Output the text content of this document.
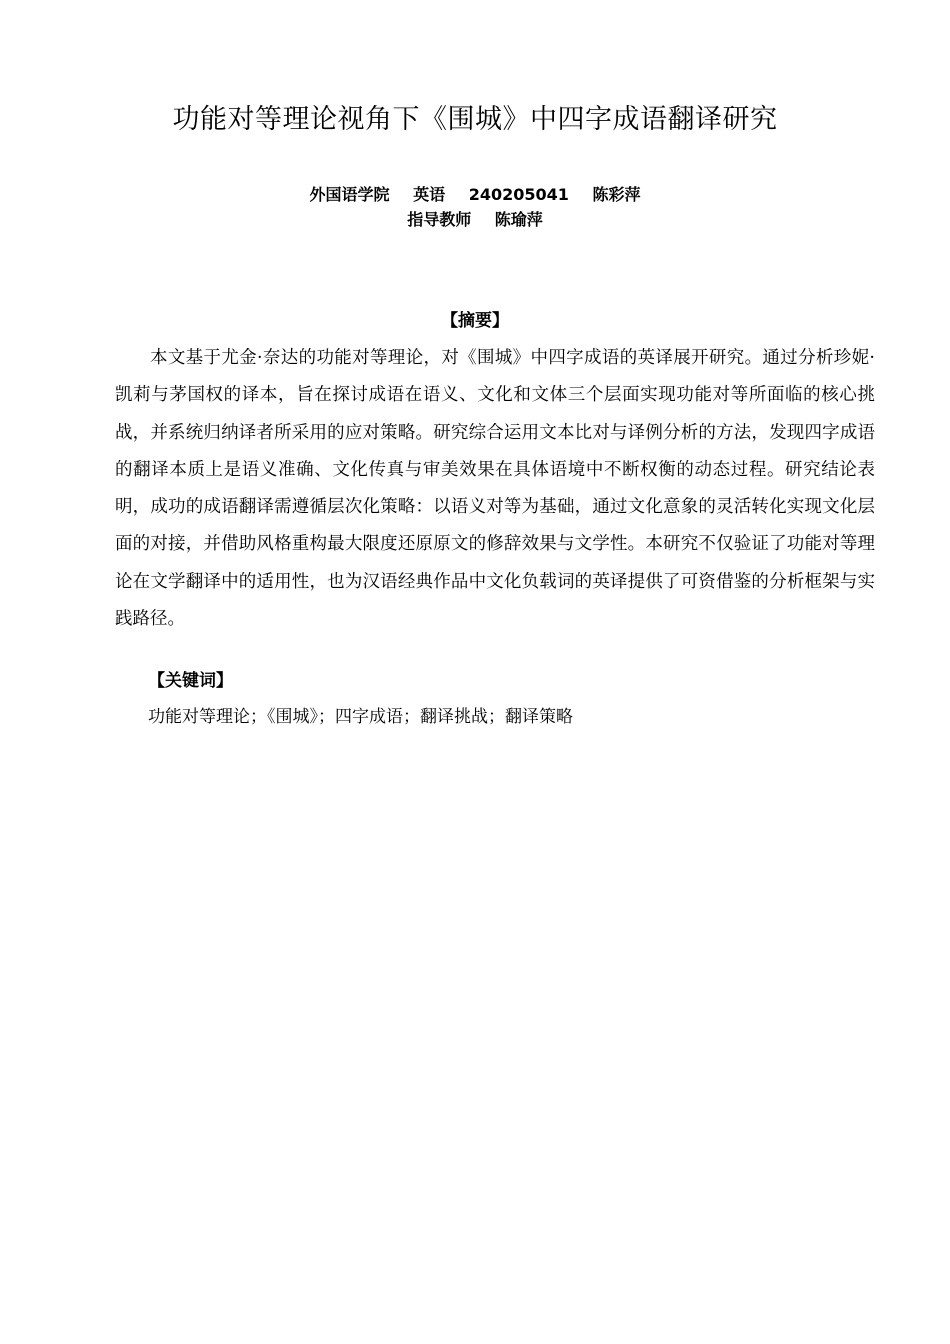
功能对等理论视角下《围城》中四字成语翻译研究
外国语学院 英语 240205041 陈彩萍
指导教师 陈瑜萍
【摘要】

本文基于尤金·奈达的功能对等理论，对《围城》中四字成语的英译展开研究。通过分析珍妮·凯莉与茅国权的译本，旨在探讨成语在语义、文化和文体三个层面实现功能对等所面临的核心挑战，并系统归纳译者所采用的应对策略。研究综合运用文本比对与译例分析的方法，发现四字成语的翻译本质上是语义准确、文化传真与审美效果在具体语境中不断权衡的动态过程。研究结论表明，成功的成语翻译需遵循层次化策略：以语义对等为基础，通过文化意象的灵活转化实现文化层面的对接，并借助风格重构最大限度还原原文的修辞效果与文学性。本研究不仅验证了功能对等理论在文学翻译中的适用性，也为汉语经典作品中文化负载词的英译提供了可资借鉴的分析框架与实践路径。

【关键词】
功能对等理论；《围城》；四字成语；翻译挑战；翻译策略
